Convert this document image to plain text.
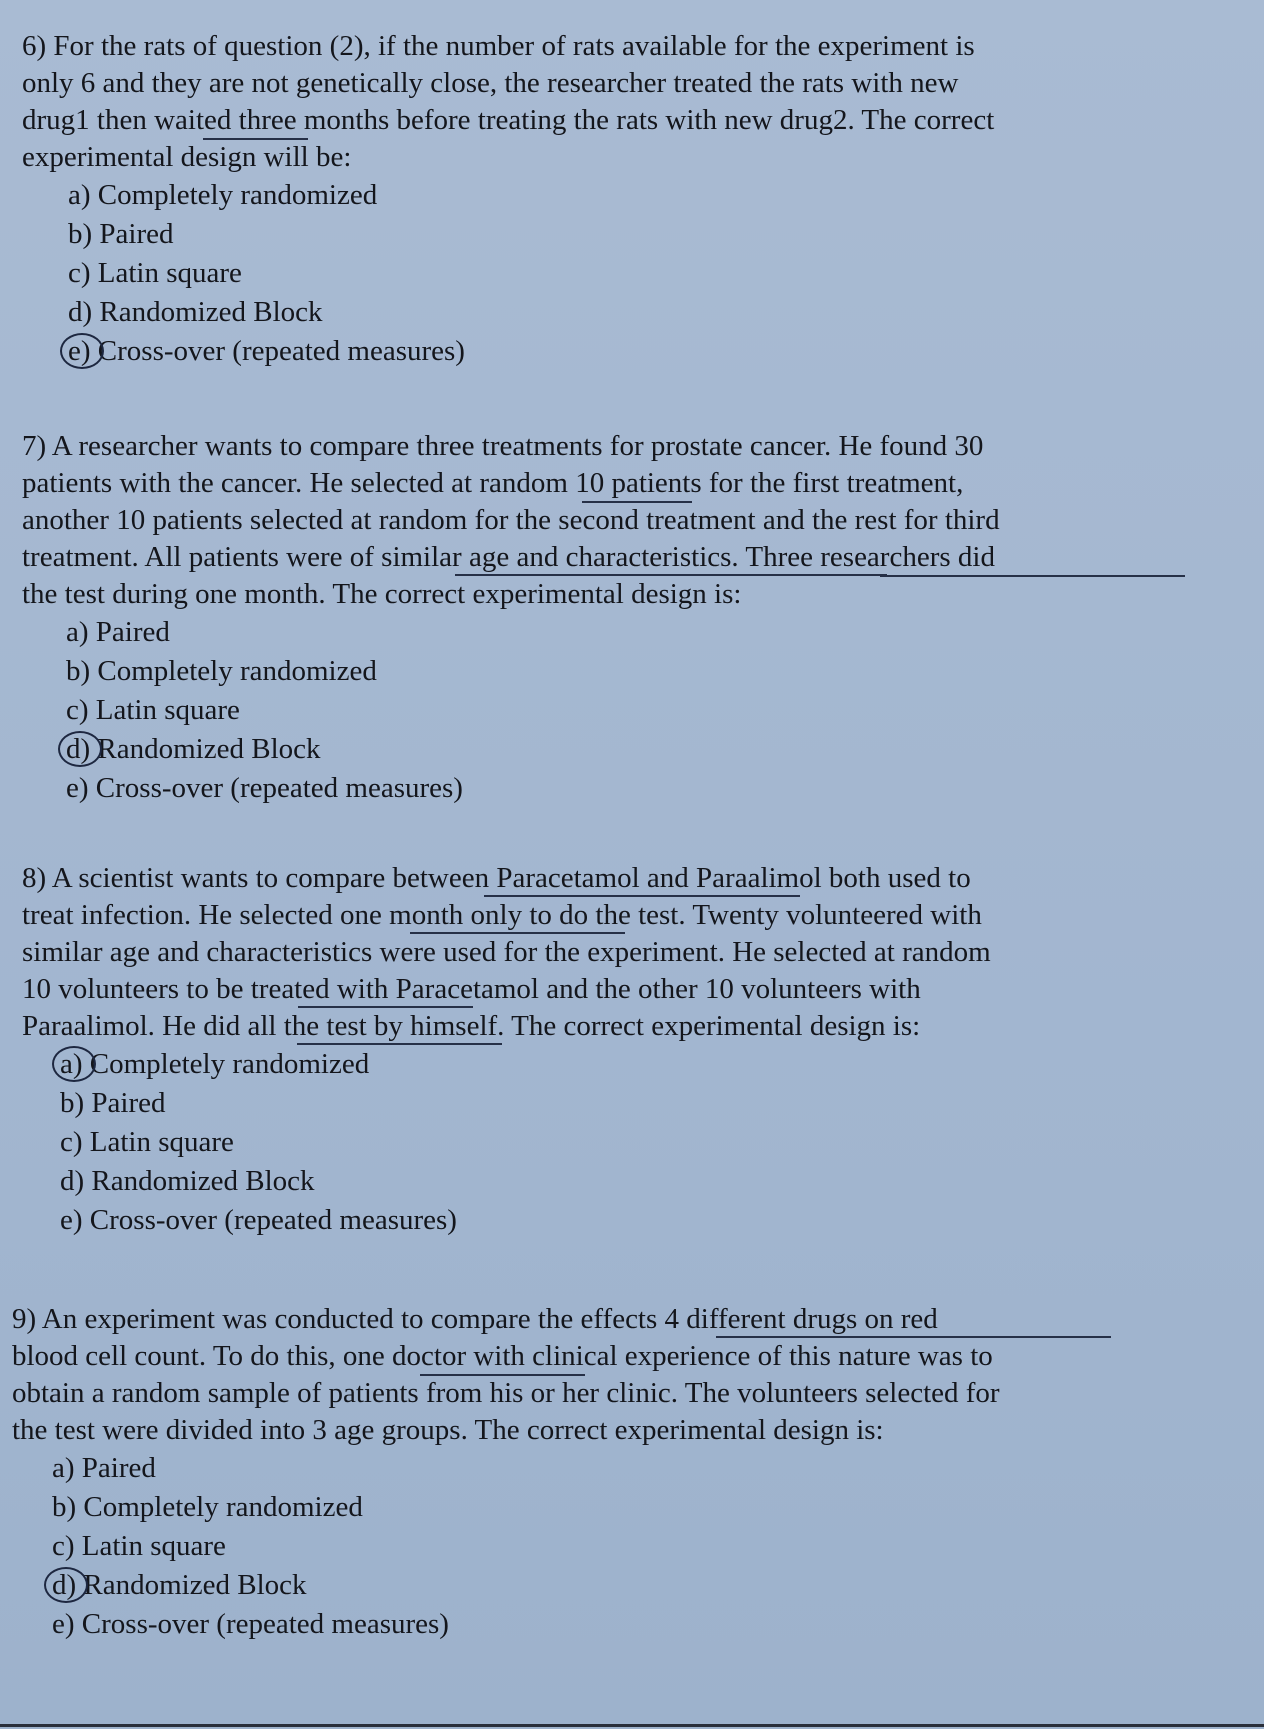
6) For the rats of question (2), if the number of rats available for the experiment is
only 6 and they are not genetically close, the researcher treated the rats with new
drug1 then waited three months before treating the rats with new drug2. The correct
experimental design will be:

a) Completely randomized
b) Paired
c) Latin square
d) Randomized Block
e) Cross-over (repeated measures)

7) A researcher wants to compare three treatments for prostate cancer. He found 30
patients with the cancer. He selected at random 10 patients for the first treatment,
another 10 patients selected at random for the second treatment and the rest for third
treatment. All patients were of similar age and characteristics. Three researchers did
the test during one month. The correct experimental design is:

a) Paired
b) Completely randomized
c) Latin square
d) Randomized Block
e) Cross-over (repeated measures)

8) A scientist wants to compare between Paracetamol and Paraalimol both used to
treat infection. He selected one month only to do the test. Twenty volunteered with
similar age and characteristics were used for the experiment. He selected at random
10 volunteers to be treated with Paracetamol and the other 10 volunteers with
Paraalimol. He did all the test by himself. The correct experimental design is:

a) Completely randomized
b) Paired
c) Latin square
d) Randomized Block
e) Cross-over (repeated measures)

9) An experiment was conducted to compare the effects 4 different drugs on red
blood cell count. To do this, one doctor with clinical experience of this nature was to
obtain a random sample of patients from his or her clinic. The volunteers selected for
the test were divided into 3 age groups. The correct experimental design is:

a) Paired
b) Completely randomized
c) Latin square
d) Randomized Block
e) Cross-over (repeated measures)
